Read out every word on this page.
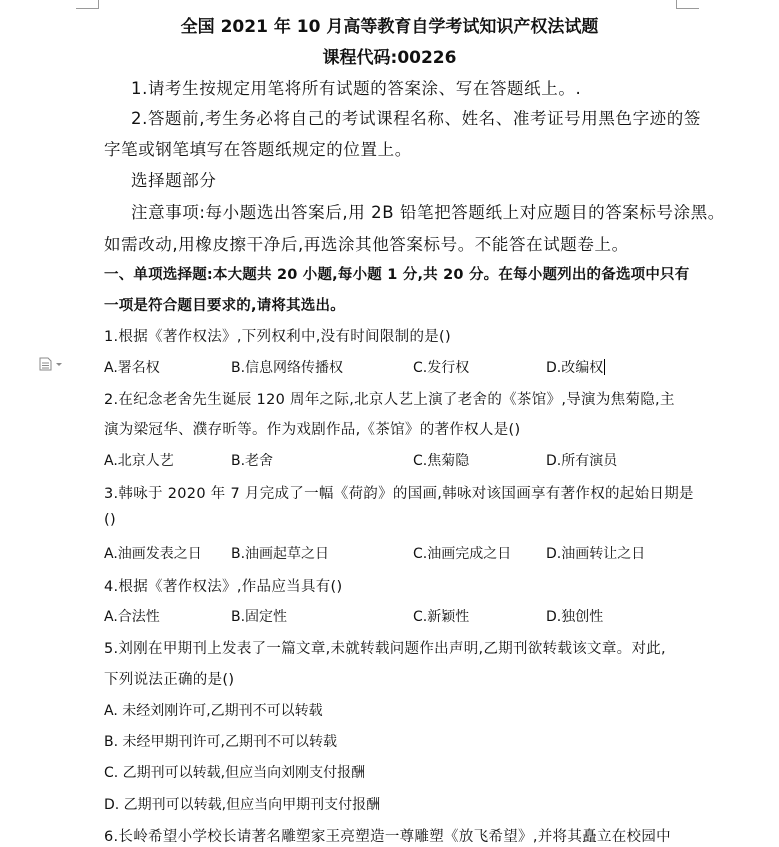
全国 2021 年 10 月高等教育自学考试知识产权法试题
课程代码:00226
1.请考生按规定用笔将所有试题的答案涂、写在答题纸上。.
2.答题前,考生务必将自己的考试课程名称、姓名、准考证号用黑色字迹的签
字笔或钢笔填写在答题纸规定的位置上。
选择题部分
注意事项:每小题选出答案后,用 2B 铅笔把答题纸上对应题目的答案标号涂黑。
如需改动,用橡皮擦干净后,再选涂其他答案标号。不能答在试题卷上。
一、单项选择题:本大题共 20 小题,每小题 1 分,共 20 分。在每小题列出的备选项中只有
一项是符合题目要求的,请将其选出。
1.根据《著作权法》,下列权利中,没有时间限制的是()
A.署名权	B.信息网络传播权	C.发行权	D.改编权
2.在纪念老舍先生诞辰 120 周年之际,北京人艺上演了老舍的《茶馆》,导演为焦菊隐,主
演为梁冠华、濮存昕等。作为戏剧作品,《茶馆》的著作权人是()
A.北京人艺	B.老舍	C.焦菊隐	D.所有演员
3.韩咏于 2020 年 7 月完成了一幅《荷韵》的国画,韩咏对该国画享有著作权的起始日期是
()
A.油画发表之日 B.油画起草之日	C.油画完成之日 D.油画转让之日
4.根据《著作权法》,作品应当具有()
A.合法性	B.固定性	C.新颖性	D.独创性
5.刘刚在甲期刊上发表了一篇文章,未就转载问题作出声明,乙期刊欲转载该文章。对此,
下列说法正确的是()
A. 未经刘刚许可,乙期刊不可以转载
B. 未经甲期刊许可,乙期刊不可以转载
C. 乙期刊可以转载,但应当向刘刚支付报酬
D. 乙期刊可以转载,但应当向甲期刊支付报酬
6.长岭希望小学校长请著名雕塑家王亮塑造一尊雕塑《放飞希望》,并将其矗立在校园中
